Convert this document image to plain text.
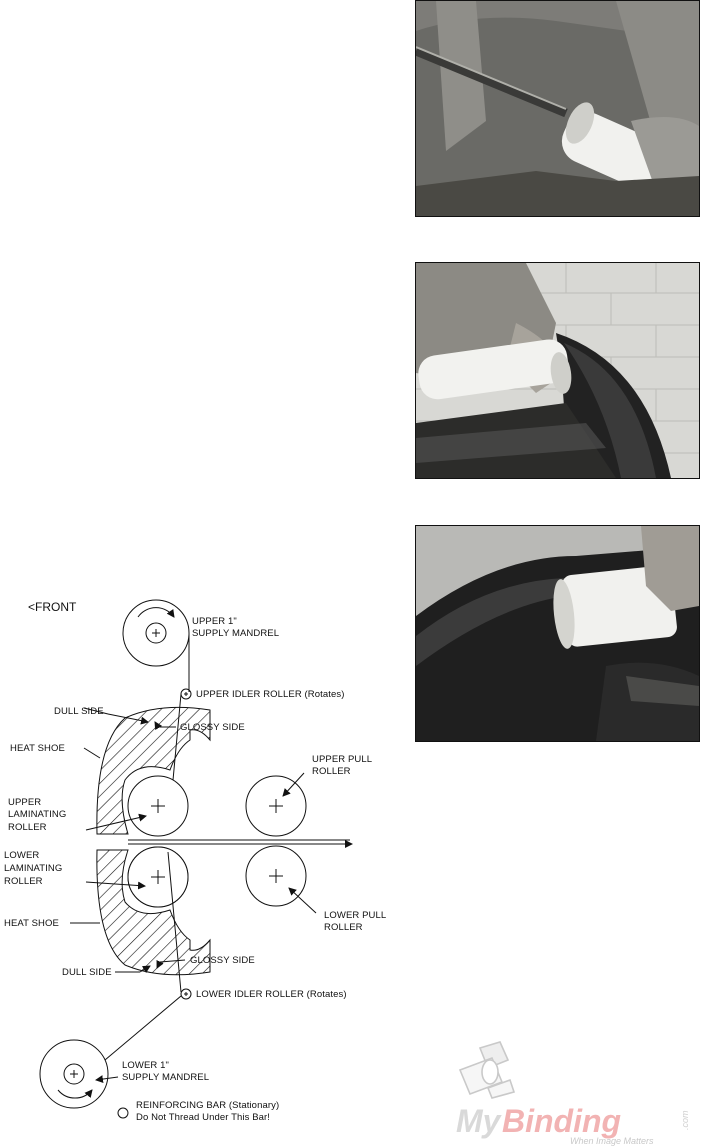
<FRONT
UPPER 1"
SUPPLY MANDREL
UPPER IDLER ROLLER (Rotates)
DULL SIDE
GLOSSY SIDE
HEAT SHOE
UPPER PULL
ROLLER
UPPER
LAMINATING
ROLLER
LOWER
LAMINATING
ROLLER
HEAT SHOE
LOWER PULL
ROLLER
GLOSSY SIDE
DULL SIDE
LOWER IDLER ROLLER (Rotates)
LOWER 1"
SUPPLY MANDREL
REINFORCING BAR (Stationary)
Do Not Thread Under This Bar!	My Binding	.com
When Image Matters
